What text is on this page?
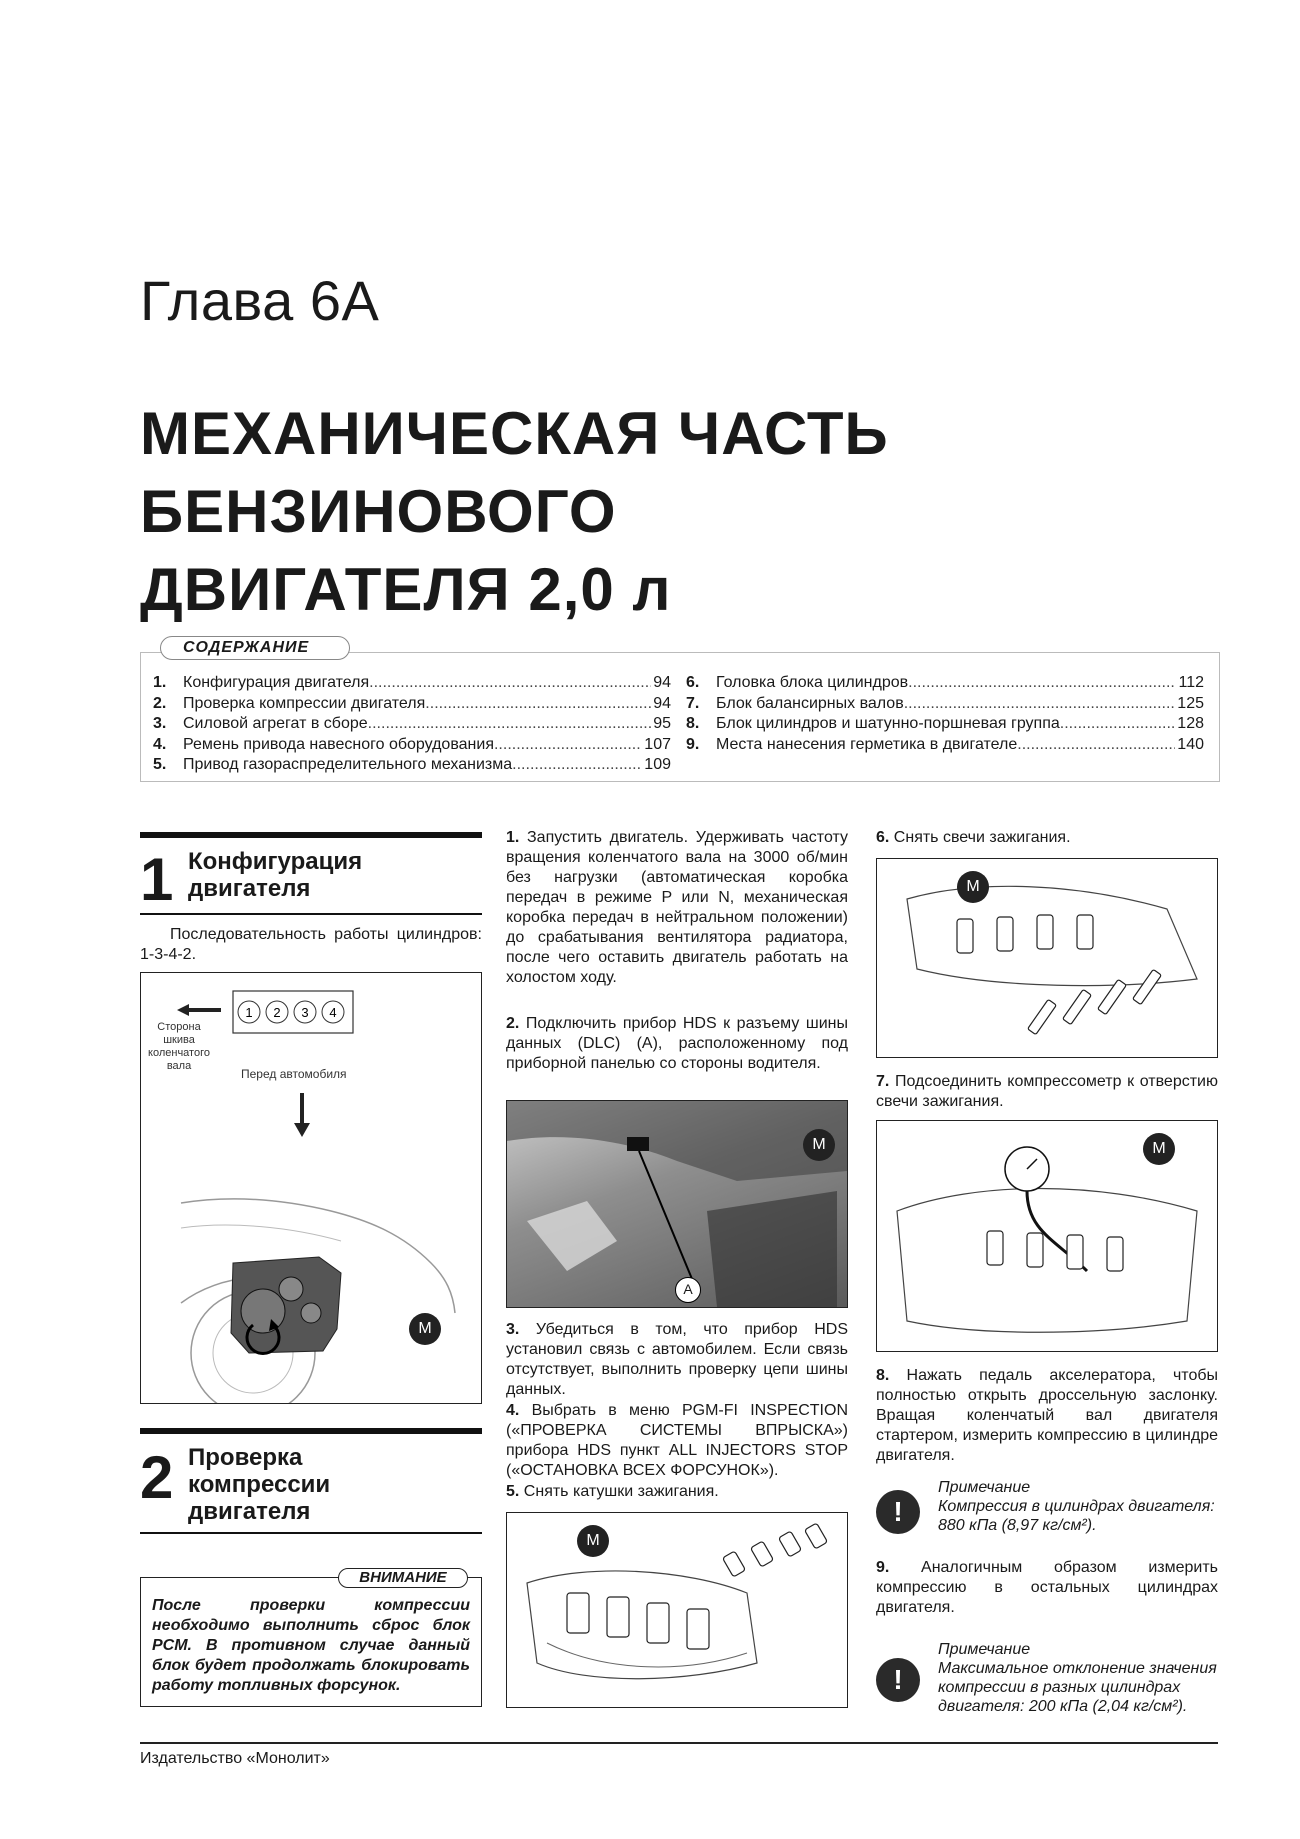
Глава 6А
МЕХАНИЧЕСКАЯ ЧАСТЬ
БЕНЗИНОВОГО
ДВИГАТЕЛЯ 2,0 л
1.	Конфигурация двигателя .....	94
2.	Проверка компрессии двигателя .....	94
3.	Силовой агрегат в сборе .....	95
4.	Ремень привода навесного оборудования .....	107
5.	Привод газораспределительного механизма .....	109
6.	Головка блока цилиндров .....	112
7.	Блок балансирных валов .....	125
8.	Блок цилиндров и шатунно-поршневая группа .....	128
9.	Места нанесения герметика в двигателе .....	140
СОДЕРЖАНИЕ
1 Конфигурация
двигателя
Последовательность работы цилиндров: 1-3-4-2.
1 2 3 4
Сторона шкива коленчатого вала
Перед автомобиля
M
2 Проверка
компрессии
двигателя
ВНИМАНИЕ
После проверки компрессии необходимо выполнить сброс блок PCM. В противном случае данный блок будет продолжать блокировать работу топливных форсунок.
1. Запустить двигатель. Удерживать частоту вращения коленчатого вала на 3000 об/мин без нагрузки (автоматическая коробка передач в режиме P или N, механическая коробка передач в нейтральном положении) до срабатывания вентилятора радиатора, после чего оставить двигатель работать на холостом ходу.
2. Подключить прибор HDS к разъему шины данных (DLC) (А), расположенному под приборной панелью со стороны водителя.
A
M
3. Убедиться в том, что прибор HDS установил связь с автомобилем. Если связь отсутствует, выполнить проверку цепи шины данных.
4. Выбрать в меню PGM-FI INSPECTION («ПРОВЕРКА СИСТЕМЫ ВПРЫСКА») прибора HDS пункт ALL INJECTORS STOP («ОСТАНОВКА ВСЕХ ФОРСУНОК»).
5. Снять катушки зажигания.
M
6. Снять свечи зажигания.
M
7. Подсоединить компрессометр к отверстию свечи зажигания.
M
8. Нажать педаль акселератора, чтобы полностью открыть дроссельную заслонку. Вращая коленчатый вал двигателя стартером, измерить компрессию в цилиндре двигателя.
!
Примечание
Компрессия в цилиндрах двигателя: 880 кПа (8,97 кг/см²).
9. Аналогичным образом измерить компрессию в остальных цилиндрах двигателя.
!
Примечание
Максимальное отклонение значения компрессии в разных цилиндрах двигателя: 200 кПа (2,04 кг/см²).
Издательство «Монолит»
